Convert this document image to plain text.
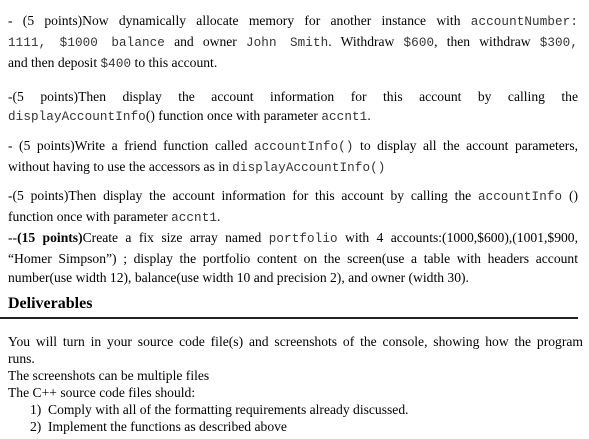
- (5 points)Now dynamically allocate memory for another instance with accountNumber:
1111, $1000 balance and owner John Smith. Withdraw $600, then withdraw $300,
and then deposit $400 to this account.
-(5 points)Then display the account information for this account by calling the
displayAccountInfo() function once with parameter accnt1.
- (5 points)Write a friend function called accountInfo() to display all the account parameters,
without having to use the accessors as in displayAccountInfo()
-(5 points)Then display the account information for this account by calling the accountInfo ()
function once with parameter accnt1.
--(15 points)Create a fix size array named portfolio with 4 accounts:(1000,$600),(1001,$900,
“Homer Simpson”) ; display the portfolio content on the screen(use a table with headers account
number(use width 12), balance(use width 10 and precision 2), and owner (width 30).
Deliverables
You will turn in your source code file(s) and screenshots of the console, showing how the program
runs.
The screenshots can be multiple files
The C++ source code files should:
1) Comply with all of the formatting requirements already discussed.
2) Implement the functions as described above
